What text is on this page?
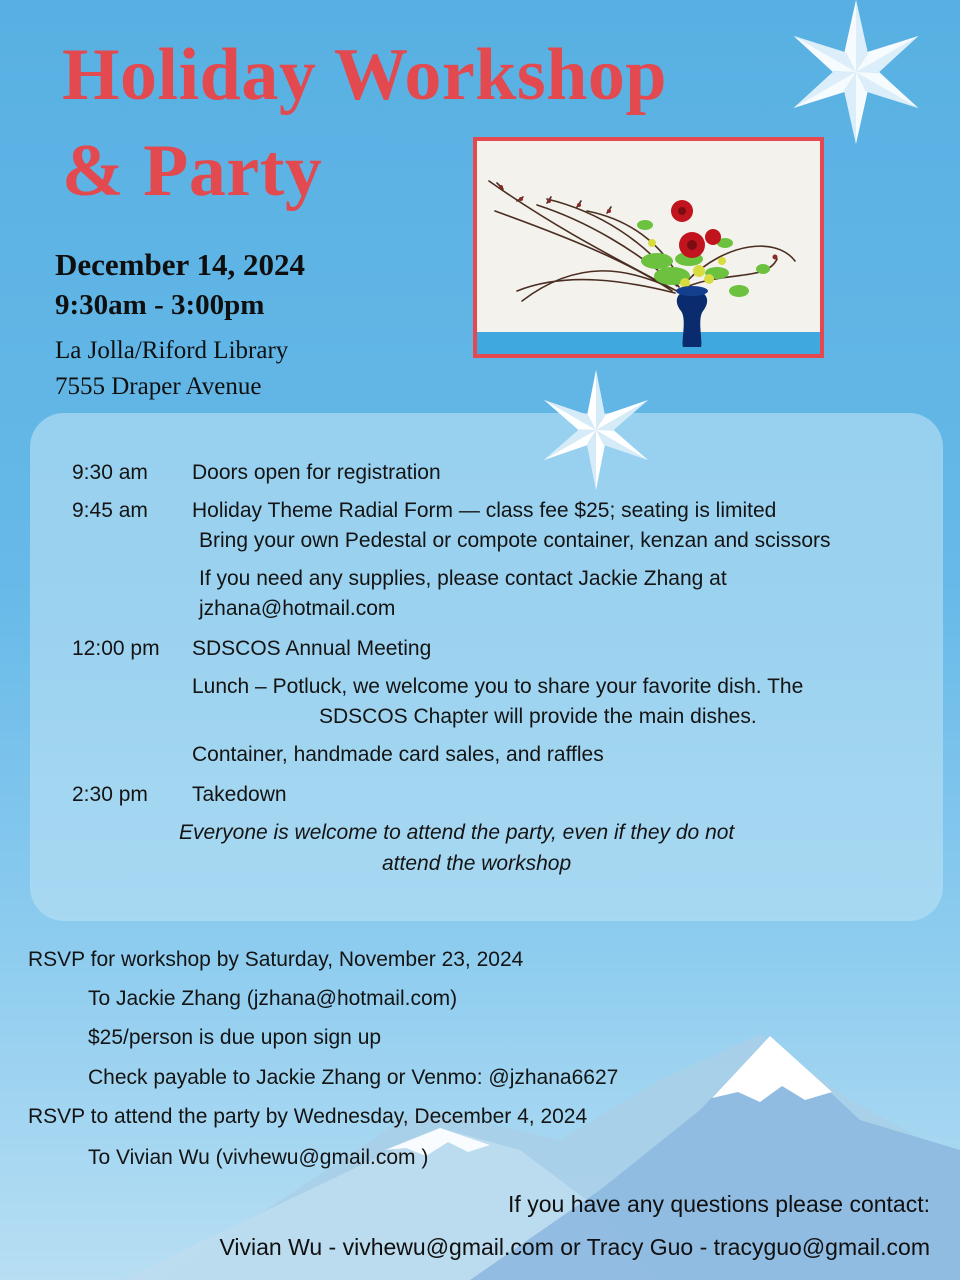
Holiday Workshop
& Party
December 14, 2024
9:30am - 3:00pm
La Jolla/Riford Library
7555 Draper Avenue
9:30 am Doors open for registration
9:45 am Holiday Theme Radial Form — class fee $25; seating is limited
Bring your own Pedestal or compote container, kenzan and scissors
If you need any supplies, please contact Jackie Zhang at
jzhana@hotmail.com
12:00 pm SDSCOS Annual Meeting
Lunch – Potluck, we welcome you to share your favorite dish. The
SDSCOS Chapter will provide the main dishes.
Container, handmade card sales, and raffles
2:30 pm Takedown
Everyone is welcome to attend the party, even if they do not
attend the workshop
RSVP for workshop by Saturday, November 23, 2024
To Jackie Zhang (jzhana@hotmail.com)
$25/person is due upon sign up
Check payable to Jackie Zhang or Venmo: @jzhana6627
RSVP to attend the party by Wednesday, December 4, 2024
To Vivian Wu (vivhewu@gmail.com )
If you have any questions please contact:
Vivian Wu - vivhewu@gmail.com or Tracy Guo - tracyguo@gmail.com
